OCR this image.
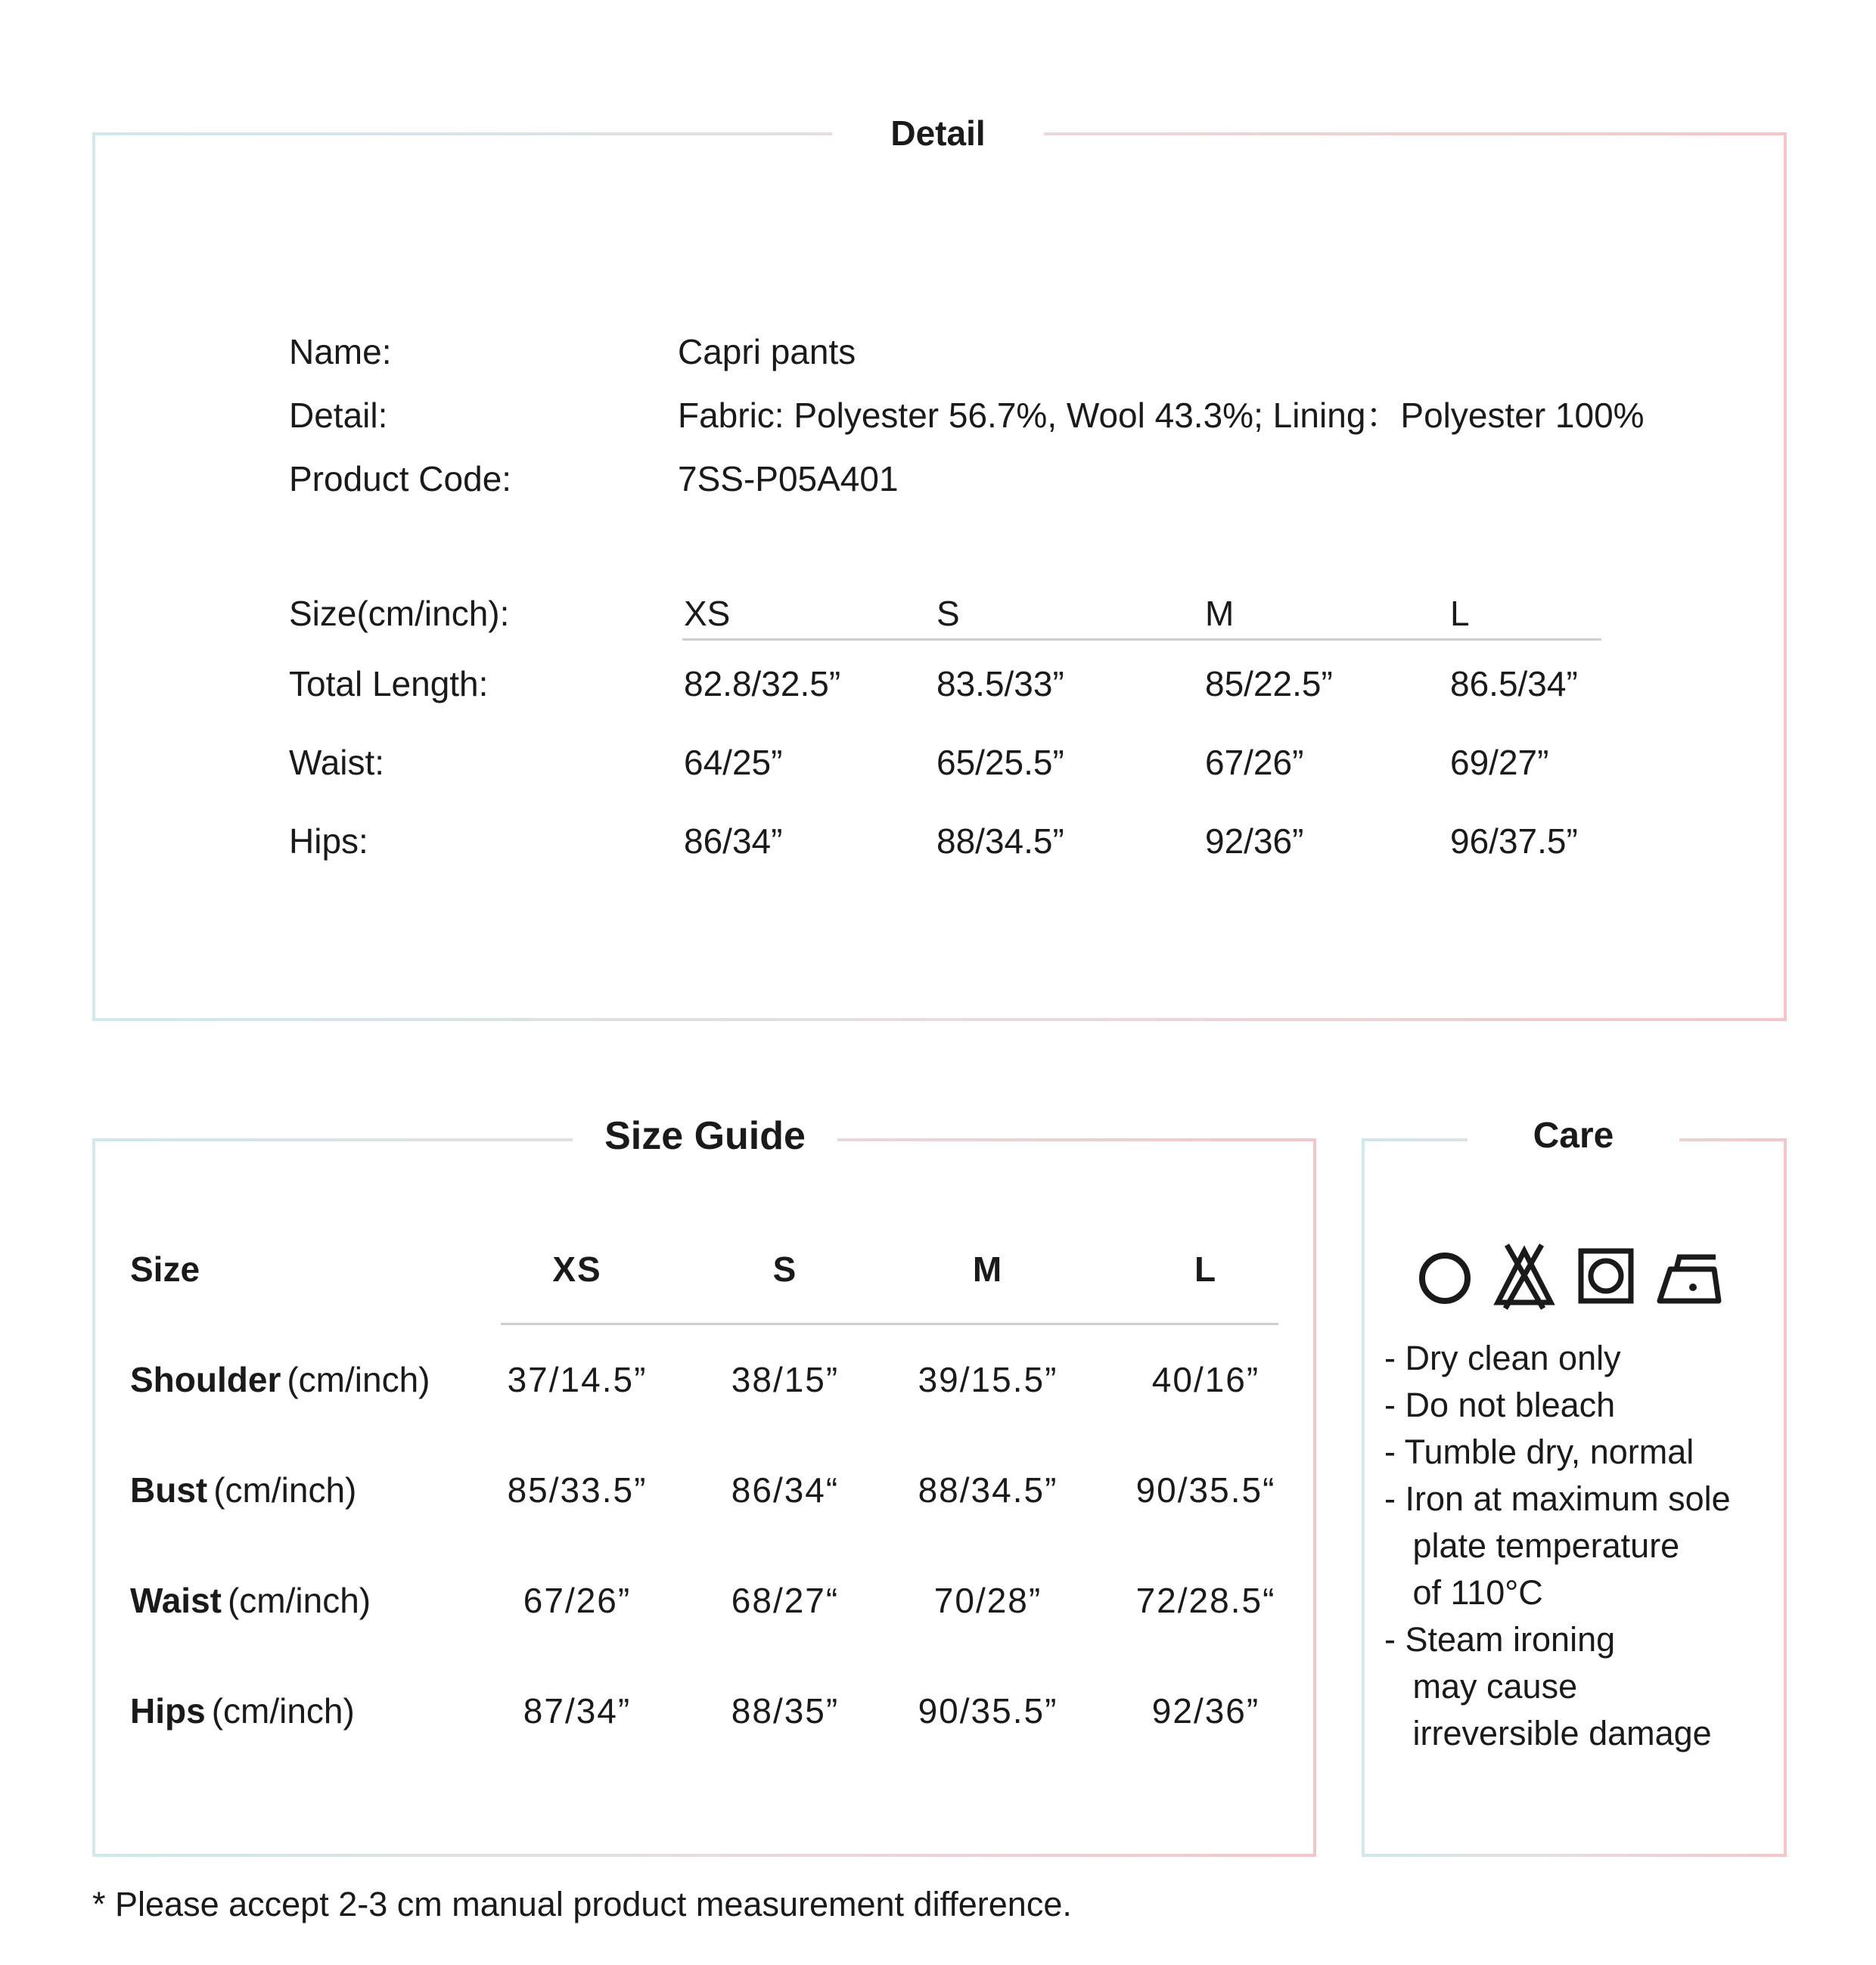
Detail
Name:	Capri pants
Detail:	Fabric: Polyester 56.7%, Wool 43.3%; Lining：Polyester 100%
Product Code:	7SS-P05A401
Size(cm/inch):	XS	S	M	L
Total Length:	82.8/32.5”	83.5/33”	85/22.5”	86.5/34”
Waist:	64/25”	65/25.5”	67/26”	69/27”
Hips:	86/34”	88/34.5”	92/36”	96/37.5”
Size Guide
Size	XS	S	M	L
Shoulder (cm/inch)	37/14.5”	38/15”	39/15.5”	40/16”
Bust (cm/inch)	85/33.5”	86/34“	88/34.5”	90/35.5“
Waist (cm/inch)	67/26”	68/27“	70/28”	72/28.5“
Hips (cm/inch)	87/34”	88/35”	90/35.5”	92/36”
Care
- Dry clean only
- Do not bleach
- Tumble dry, normal
- Iron at maximum sole
plate temperature
of 110°C
- Steam ironing
may cause
irreversible damage
* Please accept 2-3 cm manual product measurement difference.
